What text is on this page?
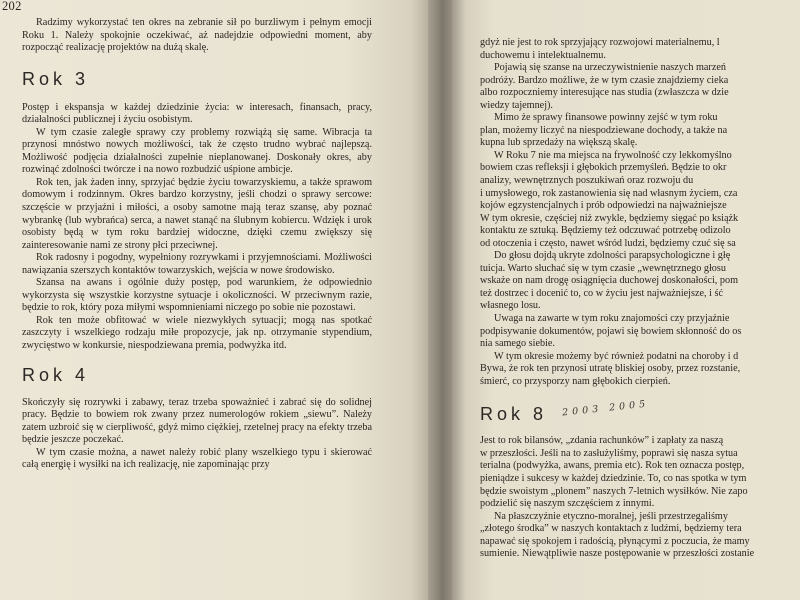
202

Radzimy wykorzystać ten okres na zebranie sił po burzliwym i pełnym emocji Roku 1. Należy spokojnie oczekiwać, aż nadejdzie odpowiedni moment, aby rozpocząć realizację projektów na dużą skalę.

Rok 3

Postęp i ekspansja w każdej dziedzinie życia: w interesach, finansach, pracy, działalności publicznej i życiu osobistym.

W tym czasie zaległe sprawy czy problemy rozwiążą się same. Wibracja ta przynosi mnóstwo nowych możliwości, tak że często trudno wybrać najlepszą. Możliwość podjęcia działalności zupełnie nieplanowanej. Doskonały okres, aby rozwinąć zdolności twórcze i na nowo rozbudzić uśpione ambicje.

Rok ten, jak żaden inny, sprzyjać będzie życiu towarzyskiemu, a także sprawom domowym i rodzinnym. Okres bardzo korzystny, jeśli chodzi o sprawy sercowe: szczęście w przyjaźni i miłości, a osoby samotne mają teraz szansę, aby poznać wybrankę (lub wybrańca) serca, a nawet stanąć na ślubnym kobiercu. Wdzięk i urok osobisty będą w tym roku bardziej widoczne, dzięki czemu zwiększy się zainteresowanie nami ze strony płci przeciwnej.

Rok radosny i pogodny, wypełniony rozrywkami i przyjemnościami. Możliwości nawiązania szerszych kontaktów towarzyskich, wejścia w nowe środowisko.

Szansa na awans i ogólnie duży postęp, pod warunkiem, że odpowiednio wykorzysta się wszystkie korzystne sytuacje i okoliczności. W przeciwnym razie, będzie to rok, który poza miłymi wspomnieniami niczego po sobie nie pozostawi.

Rok ten może obfitować w wiele niezwykłych sytuacji; mogą nas spotkać zaszczyty i wszelkiego rodzaju miłe propozycje, jak np. otrzymanie stypendium, zwycięstwo w konkursie, niespodziewana premia, podwyżka itd.

Rok 4

Skończyły się rozrywki i zabawy, teraz trzeba spoważnieć i zabrać się do solidnej pracy. Będzie to bowiem rok zwany przez numerologów rokiem „siewu”. Należy zatem uzbroić się w cierpliwość, gdyż mimo ciężkiej, rzetelnej pracy na efekty trzeba będzie jeszcze poczekać.

W tym czasie można, a nawet należy robić plany wszelkiego typu i skierować całą energię i wysiłki na ich realizację, nie zapominając przy

gdyż nie jest to rok sprzyjający rozwojowi materialnemu, l
duchowemu i intelektualnemu.

Pojawią się szanse na urzeczywistnienie naszych marzeń

podróży. Bardzo możliwe, że w tym czasie znajdziemy cieka
albo rozpoczniemy interesujące nas studia (zwłaszcza w dzie
wiedzy tajemnej).

Mimo że sprawy finansowe powinny zejść w tym roku

plan, możemy liczyć na niespodziewane dochody, a także na
kupna lub sprzedaży na większą skalę.

W Roku 7 nie ma miejsca na frywolność czy lekkomyślno

bowiem czas refleksji i głębokich przemyśleń. Będzie to okr
analizy, wewnętrznych poszukiwań oraz rozwoju du
i umysłowego, rok zastanowienia się nad własnym życiem, cza
kojów egzystencjalnych i prób odpowiedzi na najważniejsze
W tym okresie, częściej niż zwykle, będziemy sięgać po książk
kontaktu ze sztuką. Będziemy też odczuwać potrzebę odizolo
od otoczenia i często, nawet wśród ludzi, będziemy czuć się sa

Do głosu dojdą ukryte zdolności parapsychologiczne i głę

tuicja. Warto słuchać się w tym czasie „wewnętrznego głosu
wskaże on nam drogę osiągnięcia duchowej doskonałości, pom
też dostrzec i docenić to, co w życiu jest najważniejsze, i ść
własnego losu.

Uwaga na zawarte w tym roku znajomości czy przyjaźnie

podpisywanie dokumentów, pojawi się bowiem skłonność do os
nia samego siebie.

W tym okresie możemy być również podatni na choroby i d

Bywa, że rok ten przynosi utratę bliskiej osoby, przez rozstanie,
śmierć, co przysporzy nam głębokich cierpień.

Rok 8 2003 2005

Jest to rok bilansów, „zdania rachunków” i zapłaty za naszą
w przeszłości. Jeśli na to zasłużyliśmy, poprawi się nasza sytua
terialna (podwyżka, awans, premia etc). Rok ten oznacza postęp,
pieniądze i sukcesy w każdej dziedzinie. To, co nas spotka w tym
będzie swoistym „plonem” naszych 7-letnich wysiłków. Nie zapo
podzielić się naszym szczęściem z innymi.

Na płaszczyźnie etyczno-moralnej, jeśli przestrzegaliśmy

„złotego środka” w naszych kontaktach z ludźmi, będziemy tera
napawać się spokojem i radością, płynącymi z poczucia, że mamy
sumienie. Niewątpliwie nasze postępowanie w przeszłości zostanie
